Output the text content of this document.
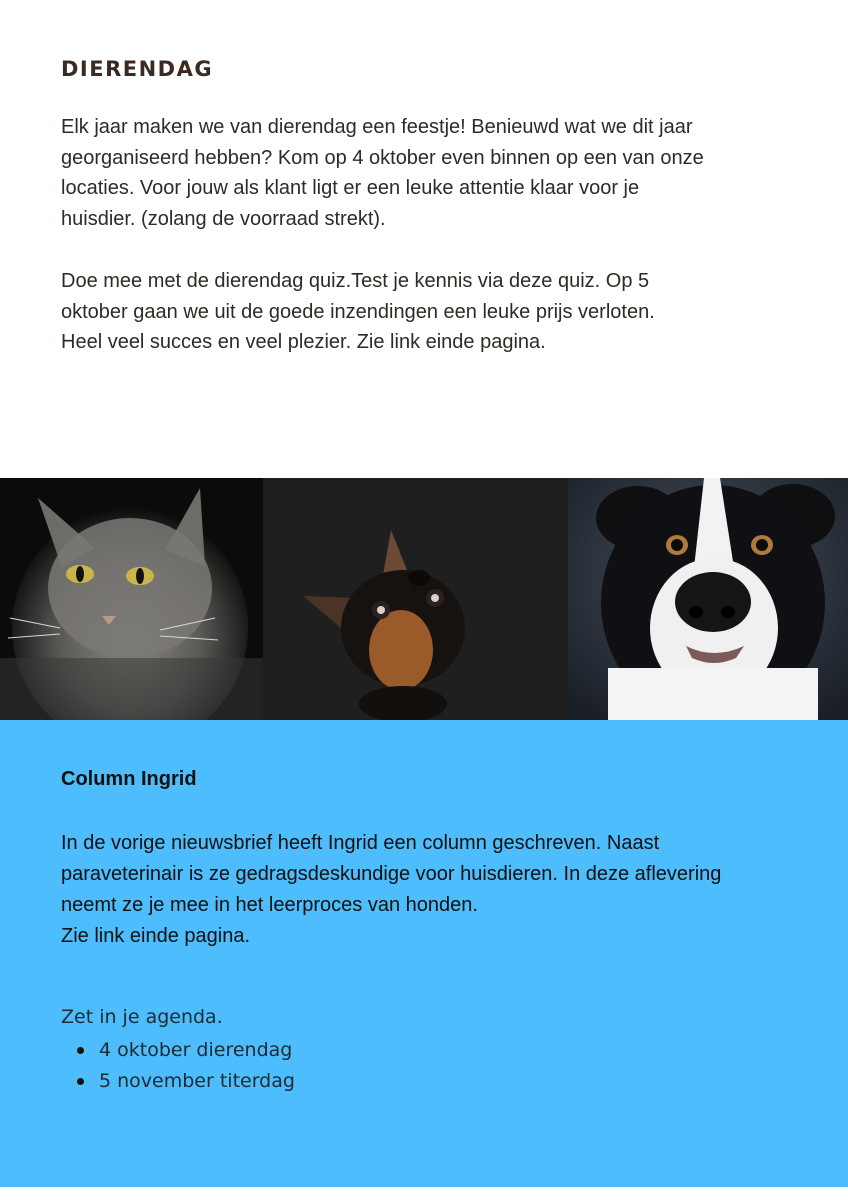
DIERENDAG

Elk jaar maken we van dierendag een feestje! Benieuwd wat we dit jaar
georganiseerd hebben? Kom op 4 oktober even binnen op een van onze
locaties. Voor jouw als klant ligt er een leuke attentie klaar voor je
huisdier. (zolang de voorraad strekt).

Doe mee met de dierendag quiz.Test je kennis via deze quiz. Op 5
oktober gaan we uit de goede inzendingen een leuke prijs verloten.
Heel veel succes en veel plezier. Zie link einde pagina.

Column Ingrid

In de vorige nieuwsbrief heeft Ingrid een column geschreven. Naast
paraveterinair is ze gedragsdeskundige voor huisdieren. In deze aflevering
neemt ze je mee in het leerproces van honden.
Zie link einde pagina.

Zet in je agenda.

4 oktober dierendag
5 november titerdag
